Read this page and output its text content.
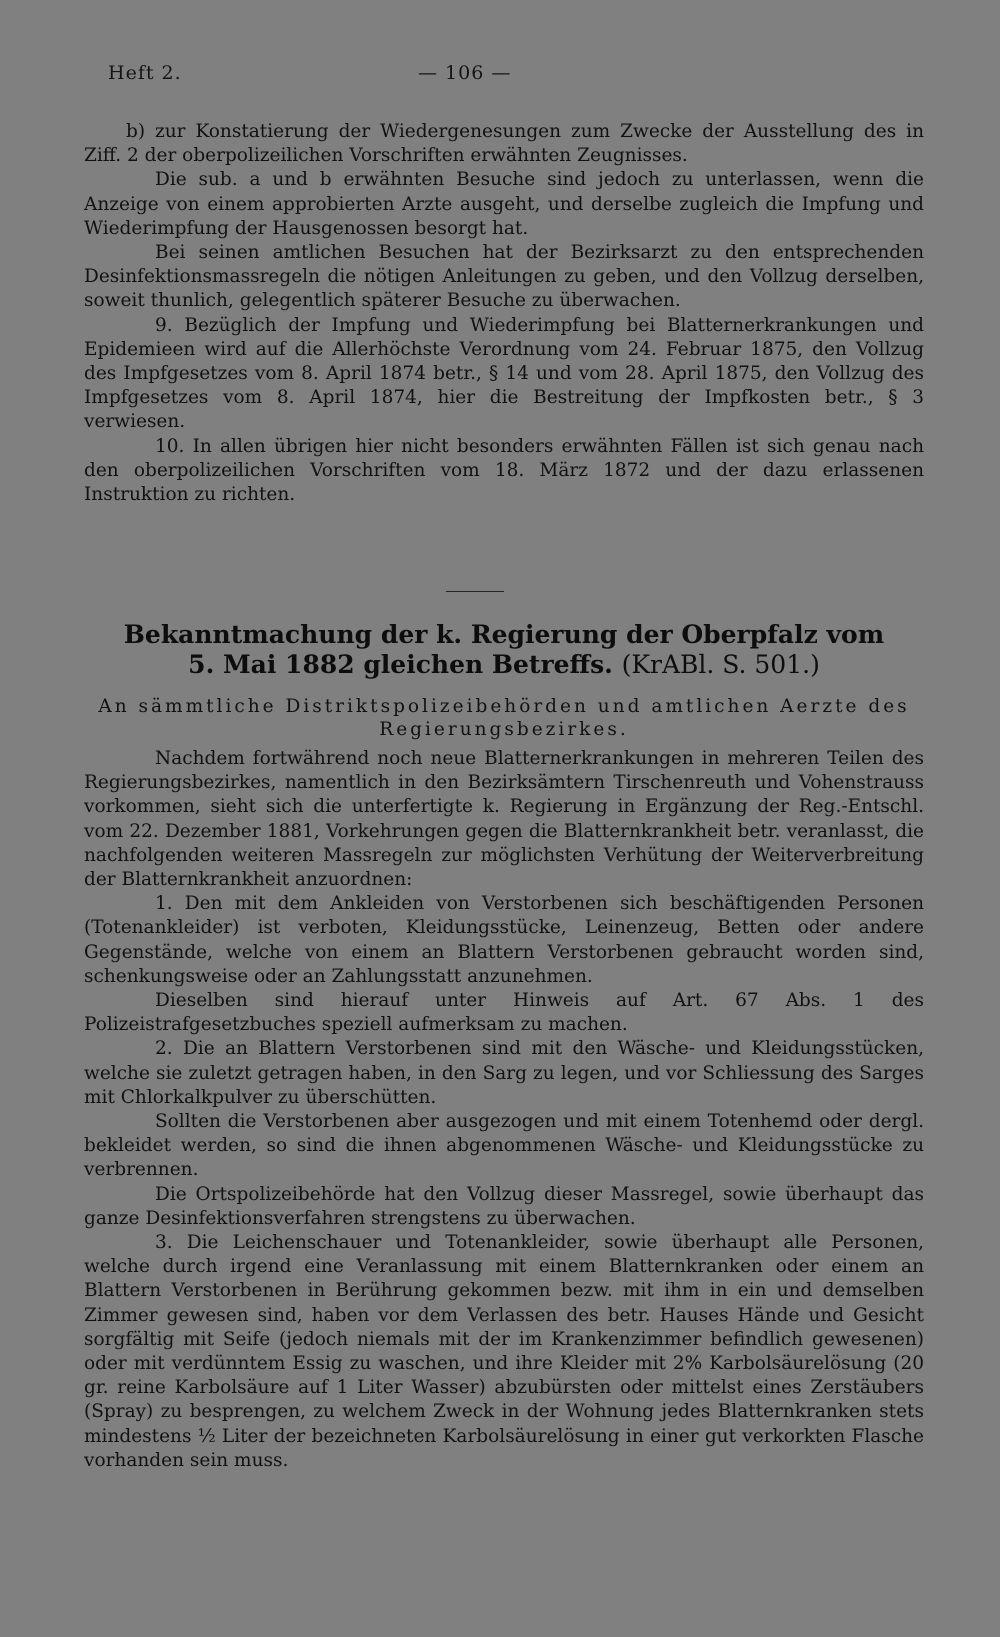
Heft 2.	— 106 —

b) zur Konstatierung der Wiedergenesungen zum Zwecke der Ausstellung des in Ziff. 2 der oberpolizeilichen Vorschriften erwähnten Zeugnisses.

Die sub. a und b erwähnten Besuche sind jedoch zu unterlassen, wenn die Anzeige von einem approbierten Arzte ausgeht, und derselbe zugleich die Impfung und Wiederimpfung der Hausgenossen besorgt hat.

Bei seinen amtlichen Besuchen hat der Bezirksarzt zu den entsprechenden Desinfektionsmassregeln die nötigen Anleitungen zu geben, und den Vollzug derselben, soweit thunlich, gelegentlich späterer Besuche zu überwachen.

9. Bezüglich der Impfung und Wiederimpfung bei Blatternerkrankungen und Epidemieen wird auf die Allerhöchste Verordnung vom 24. Februar 1875, den Vollzug des Impfgesetzes vom 8. April 1874 betr., § 14 und vom 28. April 1875, den Vollzug des Impfgesetzes vom 8. April 1874, hier die Bestreitung der Impfkosten betr., § 3 verwiesen.

10. In allen übrigen hier nicht besonders erwähnten Fällen ist sich genau nach den oberpolizeilichen Vorschriften vom 18. März 1872 und der dazu erlassenen Instruktion zu richten.

Bekanntmachung der k. Regierung der Oberpfalz vom
5. Mai 1882 gleichen Betreffs. (KrABl. S. 501.)
An sämmtliche Distriktspolizeibehörden und amtlichen Aerzte des Regierungsbezirkes.

Nachdem fortwährend noch neue Blatternerkrankungen in mehreren Teilen des Regierungsbezirkes, namentlich in den Bezirksämtern Tirschenreuth und Vohenstrauss vorkommen, sieht sich die unterfertigte k. Regierung in Ergänzung der Reg.-Entschl. vom 22. Dezember 1881, Vorkehrungen gegen die Blatternkrankheit betr. veranlasst, die nachfolgenden weiteren Massregeln zur möglichsten Verhütung der Weiterverbreitung der Blatternkrankheit anzuordnen:

1. Den mit dem Ankleiden von Verstorbenen sich beschäftigenden Personen (Totenankleider) ist verboten, Kleidungsstücke, Leinenzeug, Betten oder andere Gegenstände, welche von einem an Blattern Verstorbenen gebraucht worden sind, schenkungsweise oder an Zahlungsstatt anzunehmen.

Dieselben sind hierauf unter Hinweis auf Art. 67 Abs. 1 des Polizeistrafgesetzbuches speziell aufmerksam zu machen.

2. Die an Blattern Verstorbenen sind mit den Wäsche- und Kleidungsstücken, welche sie zuletzt getragen haben, in den Sarg zu legen, und vor Schliessung des Sarges mit Chlorkalkpulver zu überschütten.

Sollten die Verstorbenen aber ausgezogen und mit einem Totenhemd oder dergl. bekleidet werden, so sind die ihnen abgenommenen Wäsche- und Kleidungsstücke zu verbrennen.

Die Ortspolizeibehörde hat den Vollzug dieser Massregel, sowie überhaupt das ganze Desinfektionsverfahren strengstens zu überwachen.

3. Die Leichenschauer und Totenankleider, sowie überhaupt alle Personen, welche durch irgend eine Veranlassung mit einem Blatternkranken oder einem an Blattern Verstorbenen in Berührung gekommen bezw. mit ihm in ein und demselben Zimmer gewesen sind, haben vor dem Verlassen des betr. Hauses Hände und Gesicht sorgfältig mit Seife (jedoch niemals mit der im Krankenzimmer befindlich gewesenen) oder mit verdünntem Essig zu waschen, und ihre Kleider mit 2% Karbolsäurelösung (20 gr. reine Karbolsäure auf 1 Liter Wasser) abzubürsten oder mittelst eines Zerstäubers (Spray) zu besprengen, zu welchem Zweck in der Wohnung jedes Blatternkranken stets mindestens ½ Liter der bezeichneten Karbolsäurelösung in einer gut verkorkten Flasche vorhanden sein muss.
